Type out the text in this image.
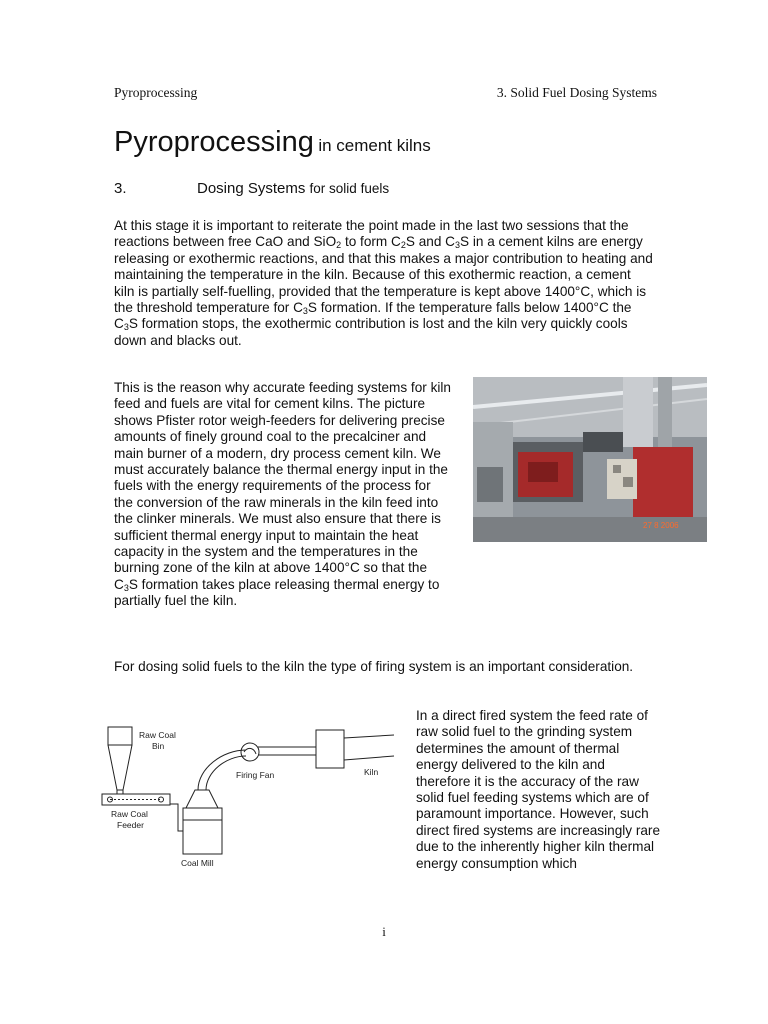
Pyroprocessing	3. Solid Fuel Dosing Systems
Pyroprocessing in cement kilns
3.	Dosing Systems for solid fuels

At this stage it is important to reiterate the point made in the last two sessions that the reactions between free CaO and SiO$_2$ to form $C_2S$ and $C_3S$ in a cement kilns are energy releasing or exothermic reactions, and that this makes a major contribution to heating and maintaining the temperature in the kiln. Because of this exothermic reaction, a cement kiln is partially self-fuelling, provided that the temperature is kept above 1400°C, which is the threshold temperature for $C_3S$ formation. If the temperature falls below 1400°C the $C_3S$ formation stops, the exothermic contribution is lost and the kiln very quickly cools down and blacks out.

This is the reason why accurate feeding systems for kiln feed and fuels are vital for cement kilns. The picture shows Pfister rotor weigh-feeders for delivering precise amounts of finely ground coal to the precalciner and main burner of a modern, dry process cement kiln. We must accurately balance the thermal energy input in the fuels with the energy requirements of the process for the conversion of the raw minerals in the kiln feed into the clinker minerals. We must also ensure that there is sufficient thermal energy input to maintain the heat capacity in the system and the temperatures in the burning zone of the kiln at above 1400°C so that the $C_3S$ formation takes place releasing thermal energy to partially fuel the kiln.

27 8 2006

For dosing solid fuels to the kiln the type of firing system is an important consideration.

Raw Coal
Bin
Raw Coal
Feeder
Coal Mill
Firing Fan	Kiln

In a direct fired system the feed rate of raw solid fuel to the grinding system determines the amount of thermal energy delivered to the kiln and therefore it is the accuracy of the raw solid fuel feeding systems which are of paramount importance. However, such direct fired systems are increasingly rare due to the inherently higher kiln thermal energy consumption which

i
